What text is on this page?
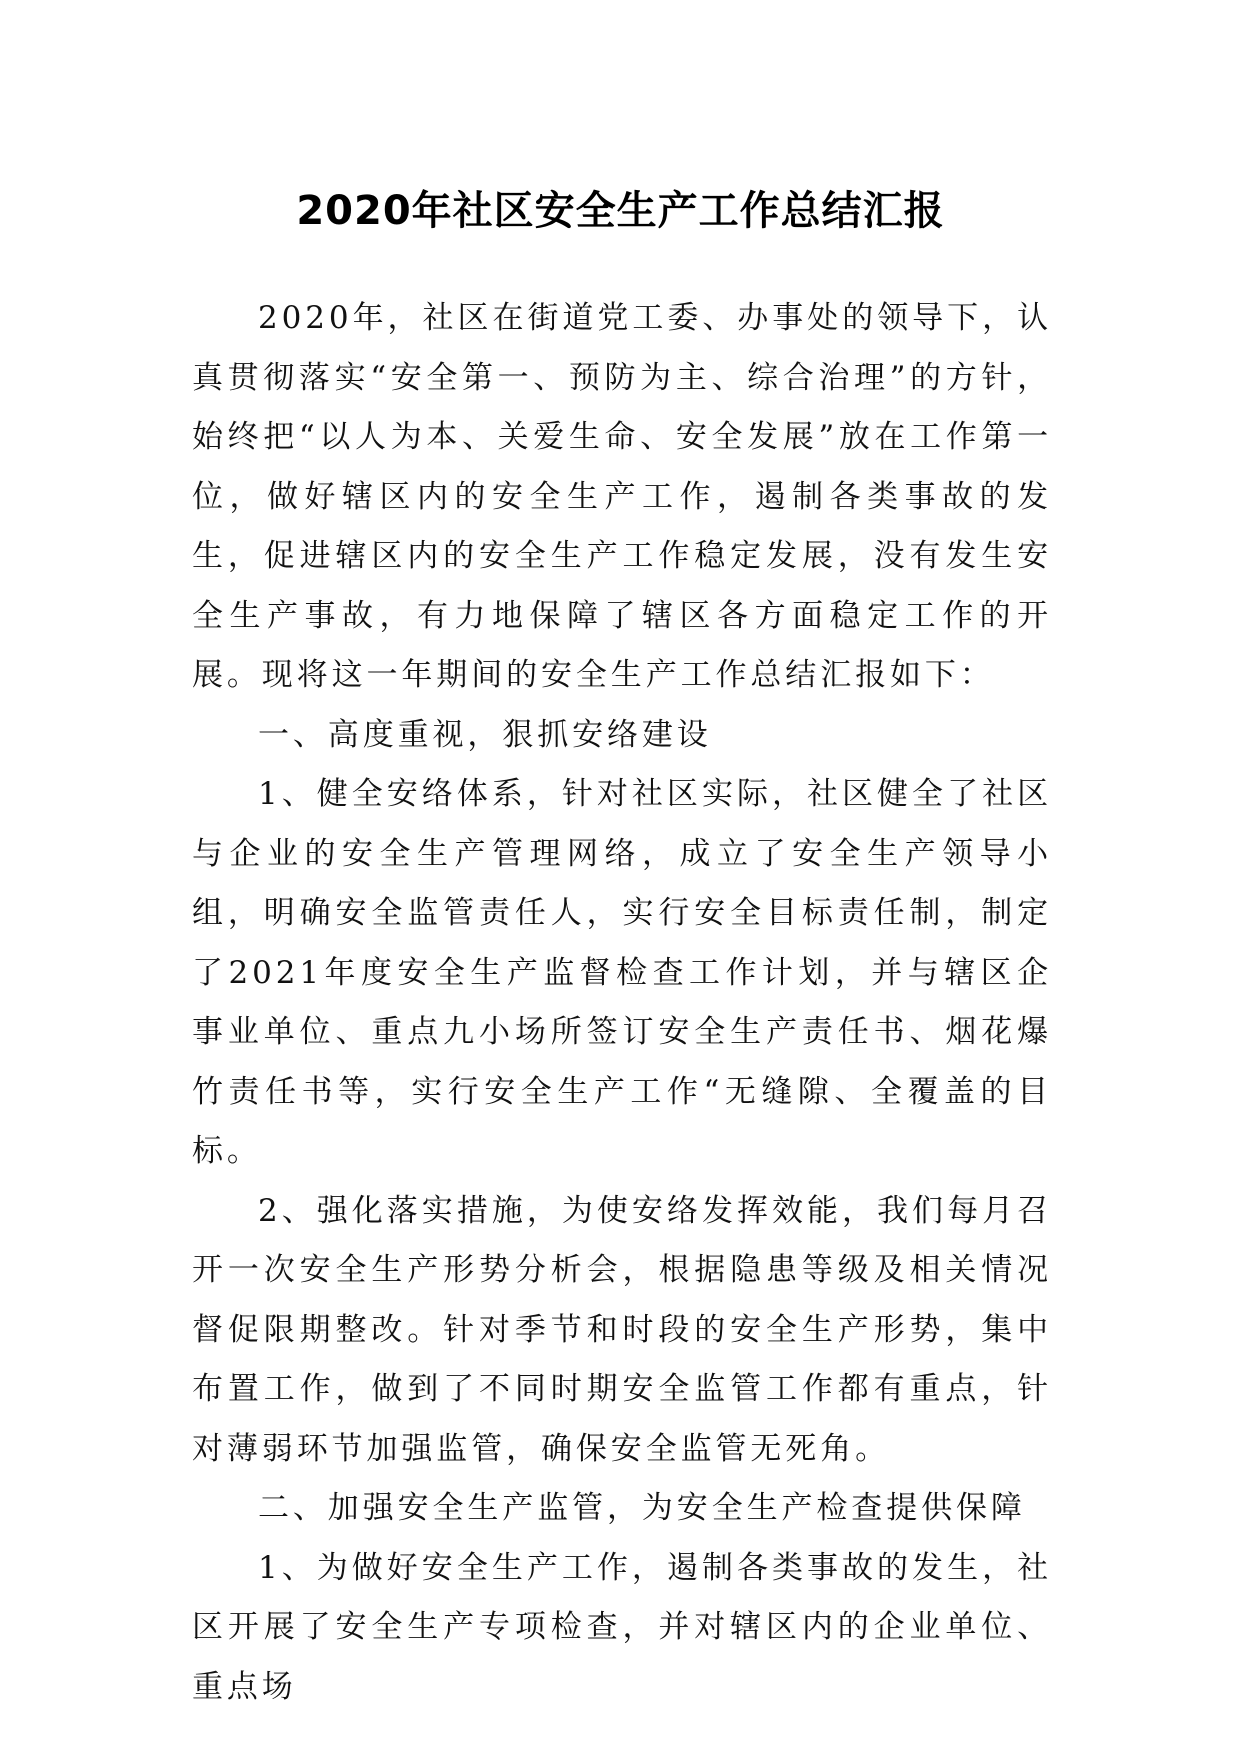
2020年社区安全生产工作总结汇报

2020年，社区在街道党工委、办事处的领导下，认真贯彻落实“安全第一、预防为主、综合治理”的方针，始终把“以人为本、关爱生命、安全发展”放在工作第一位，做好辖区内的安全生产工作，遏制各类事故的发生，促进辖区内的安全生产工作稳定发展，没有发生安全生产事故，有力地保障了辖区各方面稳定工作的开展。现将这一年期间的安全生产工作总结汇报如下：

一、高度重视，狠抓安络建设

1、健全安络体系，针对社区实际，社区健全了社区与企业的安全生产管理网络，成立了安全生产领导小组，明确安全监管责任人，实行安全目标责任制，制定了2021年度安全生产监督检查工作计划，并与辖区企事业单位、重点九小场所签订安全生产责任书、烟花爆竹责任书等，实行安全生产工作“无缝隙、全覆盖的目标。

2、强化落实措施，为使安络发挥效能，我们每月召开一次安全生产形势分析会，根据隐患等级及相关情况督促限期整改。针对季节和时段的安全生产形势，集中布置工作，做到了不同时期安全监管工作都有重点，针对薄弱环节加强监管，确保安全监管无死角。

二、加强安全生产监管，为安全生产检查提供保障

1、为做好安全生产工作，遏制各类事故的发生，社区开展了安全生产专项检查，并对辖区内的企业单位、重点场
